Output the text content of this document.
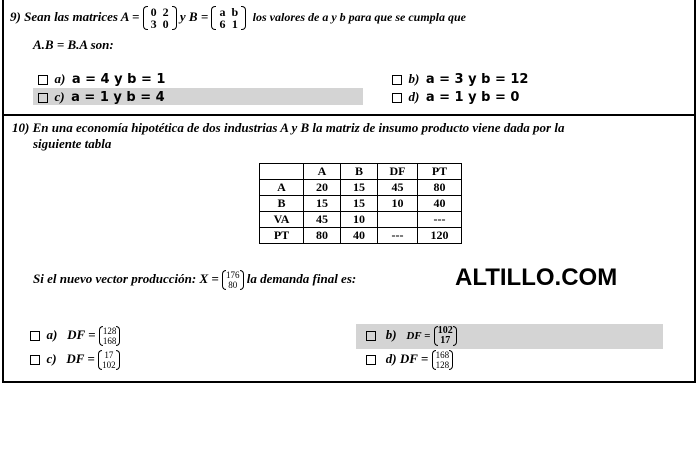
9) Sean las matrices A = 0	2
3	0
y B = a	b
6	1
los valores de a y b para que se cumpla que
A.B = B.A son:
a) a = 4 y b = 1
c) a = 1 y b = 4
b) a = 3 y b = 12
d) a = 1 y b = 0
10) En una economía hipotética de dos industrias A y B la matriz de insumo producto viene dada por la
siguiente tabla
	A	B	DF	PT
A	20	15	45	80
B	15	15	10	40
VA	45	10		---
PT	80	40	---	120
Si el nuevo vector producción: X = 176
80 la demanda final es:	ALTILLO.COM
a) DF = 128
168
c) DF = 17
102
b) DF = 102
17
d) DF = 168
128
